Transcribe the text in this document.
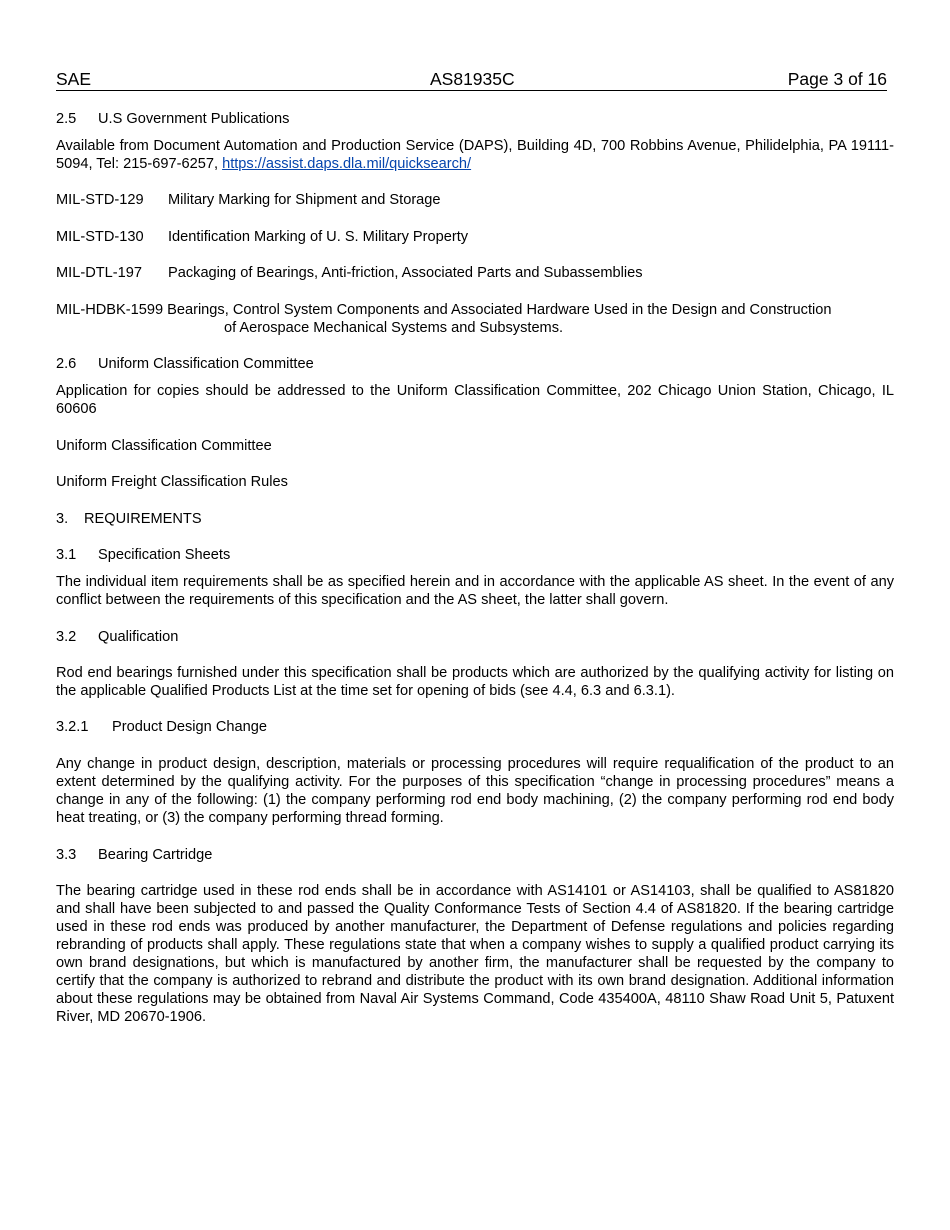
SAE	AS81935C	Page 3 of 16

2.5 U.S Government Publications

Available from Document Automation and Production Service (DAPS), Building 4D, 700 Robbins Avenue, Philidelphia, PA 19111-5094, Tel: 215-697-6257, https://assist.daps.dla.mil/quicksearch/

MIL-STD-129 Military Marking for Shipment and Storage

MIL-STD-130 Identification Marking of U. S. Military Property

MIL-DTL-197 Packaging of Bearings, Anti-friction, Associated Parts and Subassemblies

MIL-HDBK-1599 Bearings, Control System Components and Associated Hardware Used in the Design and Construction

of Aerospace Mechanical Systems and Subsystems.

2.6 Uniform Classification Committee

Application for copies should be addressed to the Uniform Classification Committee, 202 Chicago Union Station, Chicago, IL 60606

Uniform Classification Committee

Uniform Freight Classification Rules

3. REQUIREMENTS

3.1 Specification Sheets

The individual item requirements shall be as specified herein and in accordance with the applicable AS sheet. In the event of any conflict between the requirements of this specification and the AS sheet, the latter shall govern.

3.2 Qualification

Rod end bearings furnished under this specification shall be products which are authorized by the qualifying activity for listing on the applicable Qualified Products List at the time set for opening of bids (see 4.4, 6.3 and 6.3.1).

3.2.1 Product Design Change

Any change in product design, description, materials or processing procedures will require requalification of the product to an extent determined by the qualifying activity. For the purposes of this specification “change in processing procedures” means a change in any of the following: (1) the company performing rod end body machining, (2) the company performing rod end body heat treating, or (3) the company performing thread forming.

3.3 Bearing Cartridge

The bearing cartridge used in these rod ends shall be in accordance with AS14101 or AS14103, shall be qualified to AS81820 and shall have been subjected to and passed the Quality Conformance Tests of Section 4.4 of AS81820. If the bearing cartridge used in these rod ends was produced by another manufacturer, the Department of Defense regulations and policies regarding rebranding of products shall apply. These regulations state that when a company wishes to supply a qualified product carrying its own brand designations, but which is manufactured by another firm, the manufacturer shall be requested by the company to certify that the company is authorized to rebrand and distribute the product with its own brand designation. Additional information about these regulations may be obtained from Naval Air Systems Command, Code 435400A, 48110 Shaw Road Unit 5, Patuxent River, MD 20670-1906.
